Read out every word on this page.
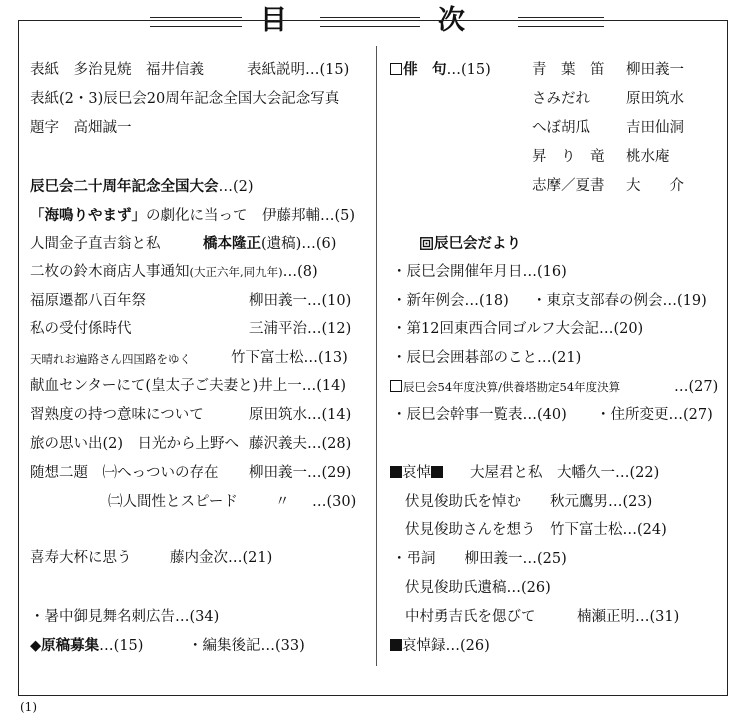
目	次
表紙　多治見焼　福井信義	表紙説明…(15)
表紙(2・3)辰巳会20周年記念全国大会記念写真
題字　高畑誠一
辰巳会二十周年記念全国大会…(2)
「海鳴りやまず」の劇化に当って　伊藤邦輔…(5)
人間金子直吉翁と私	橋本隆正(遺稿)…(6)
二枚の鈴木商店人事通知(大正六年,同九年)…(8)
福原遷都八百年祭	柳田義一…(10)
私の受付係時代	三浦平治…(12)
天晴れお遍路さん四国路をゆく	竹下富士松…(13)
献血センターにて(皇太子ご夫妻と)井上一…(14)
習熟度の持つ意味について	原田筑水…(14)
旅の思い出(2)　日光から上野へ 藤沢義夫…(28)
随想二題　㈠へっついの存在 柳田義一…(29)
㈡人間性とスピード	〃 …(30)
喜寿大杯に思う	藤内金次…(21)
・暑中御見舞名刺広告…(34)
◆原稿募集…(15)	・編集後記…(33)
俳　句…(15)	青　葉　笛 柳田義一
さみだれ 原田筑水
へぼ胡瓜 吉田仙洞
昇　り　竜 桃水庵
志摩／夏書 大　　介
辰巳会だより
・辰巳会開催年月日…(16)
・新年例会…(18) ・東京支部春の例会…(19)
・第12回東西合同ゴルフ大会記…(20)
・辰巳会囲碁部のこと…(21)
辰巳会54年度決算/供養塔勘定54年度決算	…(27)
・辰巳会幹事一覧表…(40) ・住所変更…(27)
哀悼	大屋君と私　大幡久一…(22)
伏見俊助氏を悼む　　秋元鷹男…(23)
伏見俊助さんを想う　竹下富士松…(24)
・弔詞　　柳田義一…(25)
伏見俊助氏遺稿…(26)
中村勇吉氏を偲びて	楠瀬正明…(31)
哀悼録…(26)
(1)
